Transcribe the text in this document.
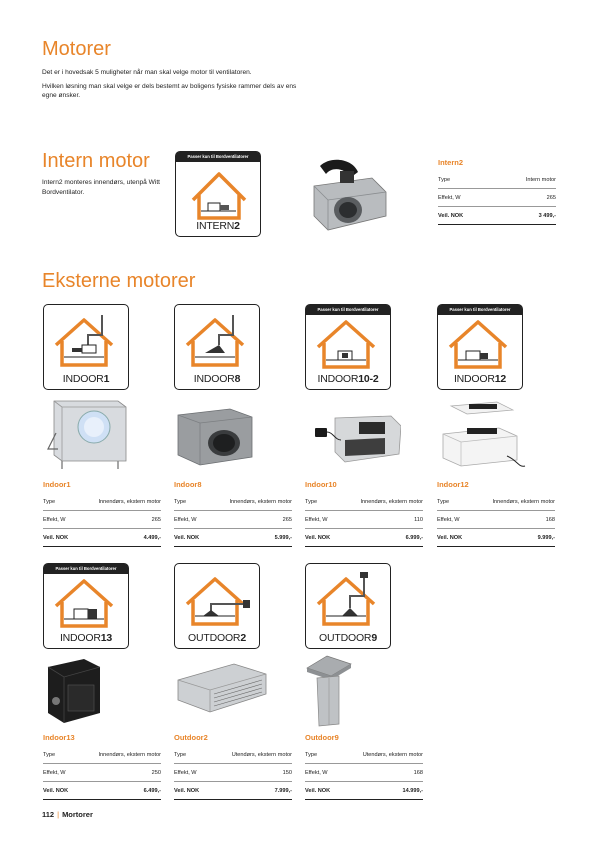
Motorer

Det er i hovedsak 5 muligheter når man skal velge motor til ventilatoren.

Hvilken løsning man skal velge er dels bestemt av boligens fysiske rammer dels av ens egne ønsker.

Intern motor
Intern2 monteres innendørs, utenpå Witt Bordventilator.
Passer kun til Bordventilatorer
INTERN2
Intern2
Type	Intern motor
Effekt, W	265
Veil. NOK	3 499,-
Eksterne motorer
INDOOR1	INDOOR8
Passer kun til Bordventilatorer
INDOOR10-2
Passer kun til Bordventilatorer
INDOOR12
Indoor1
Type	Innendørs, ekstern motor
Effekt, W	265
Veil. NOK	4.499,-
Indoor8
Type	Innendørs, ekstern motor
Effekt, W	265
Veil. NOK	5.999,-
Indoor10
Type	Innendørs, ekstern motor
Effekt, W	110
Veil. NOK	6.999,-
Indoor12
Type	Innendørs, ekstern motor
Effekt, W	168
Veil. NOK	9.999,-
Passer kun til Bordventilatorer
INDOOR13	OUTDOOR2	OUTDOOR9
Indoor13
Type	Innendørs, ekstern motor
Effekt, W	250
Veil. NOK	6.499,-
Outdoor2
Type	Utendørs, ekstern motor
Effekt, W	150
Veil. NOK	7.999,-
Outdoor9
Type	Utendørs, ekstern motor
Effekt, W	168
Veil. NOK	14.999,-
112 | Mortorer
